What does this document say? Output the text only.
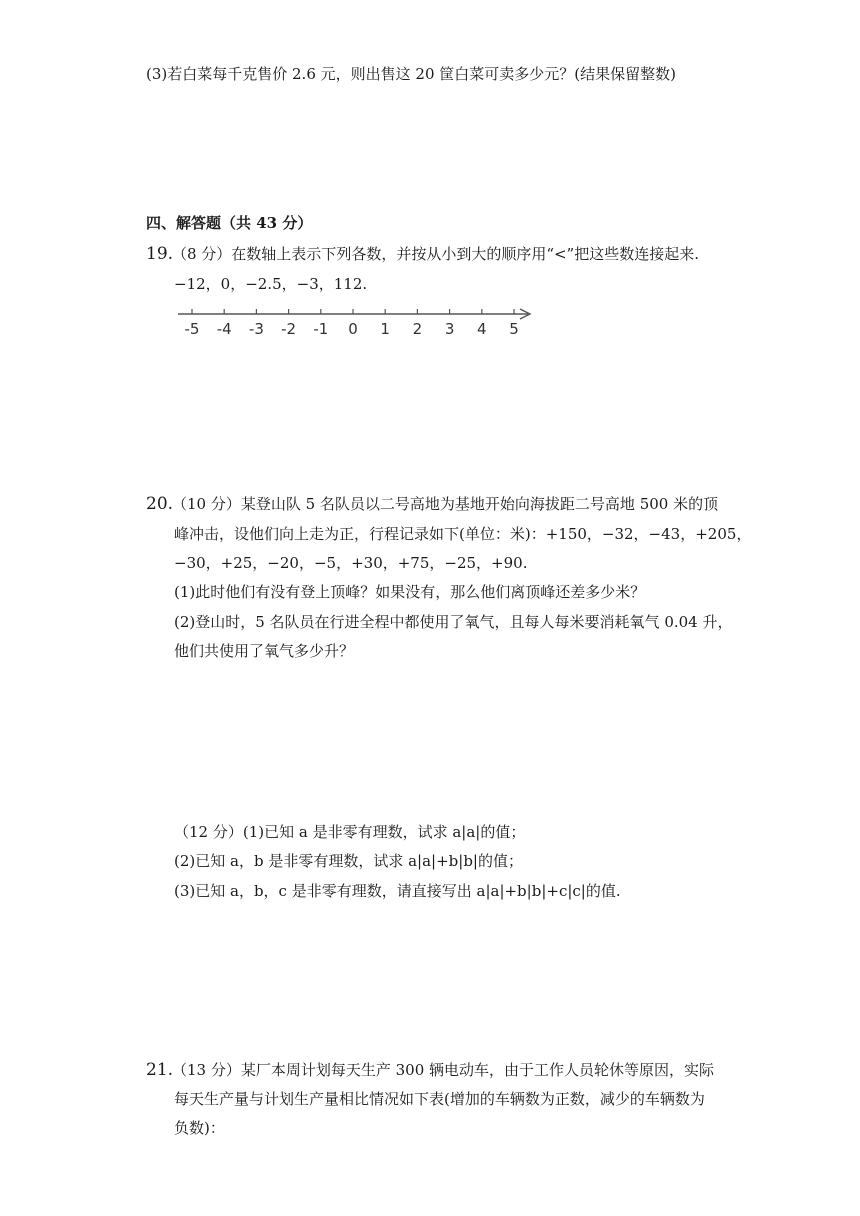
(3)若白菜每千克售价 2.6 元，则出售这 20 筐白菜可卖多少元？(结果保留整数)
四、解答题（共 43 分）
19.
（8 分）在数轴上表示下列各数，并按从小到大的顺序用“<”把这些数连接起来.
−12，0，−2.5，−3，112.
-5 -4 -3 -2 -1 0 1 2 3 4 5
20.
（10 分）某登山队 5 名队员以二号高地为基地开始向海拔距二号高地 500 米的顶
峰冲击，设他们向上走为正，行程记录如下(单位：米)：+150，−32，−43，+205，
−30，+25，−20，−5，+30，+75，−25，+90.
(1)此时他们有没有登上顶峰？如果没有，那么他们离顶峰还差多少米？
(2)登山时，5 名队员在行进全程中都使用了氧气，且每人每米要消耗氧气 0.04 升，
他们共使用了氧气多少升？
（12 分）(1)已知 a 是非零有理数，试求 a|a|的值；
(2)已知 a，b 是非零有理数，试求 a|a|+b|b|的值；
(3)已知 a，b，c 是非零有理数，请直接写出 a|a|+b|b|+c|c|的值.
21.
（13 分）某厂本周计划每天生产 300 辆电动车，由于工作人员轮休等原因，实际
每天生产量与计划生产量相比情况如下表(增加的车辆数为正数，减少的车辆数为
负数)：
